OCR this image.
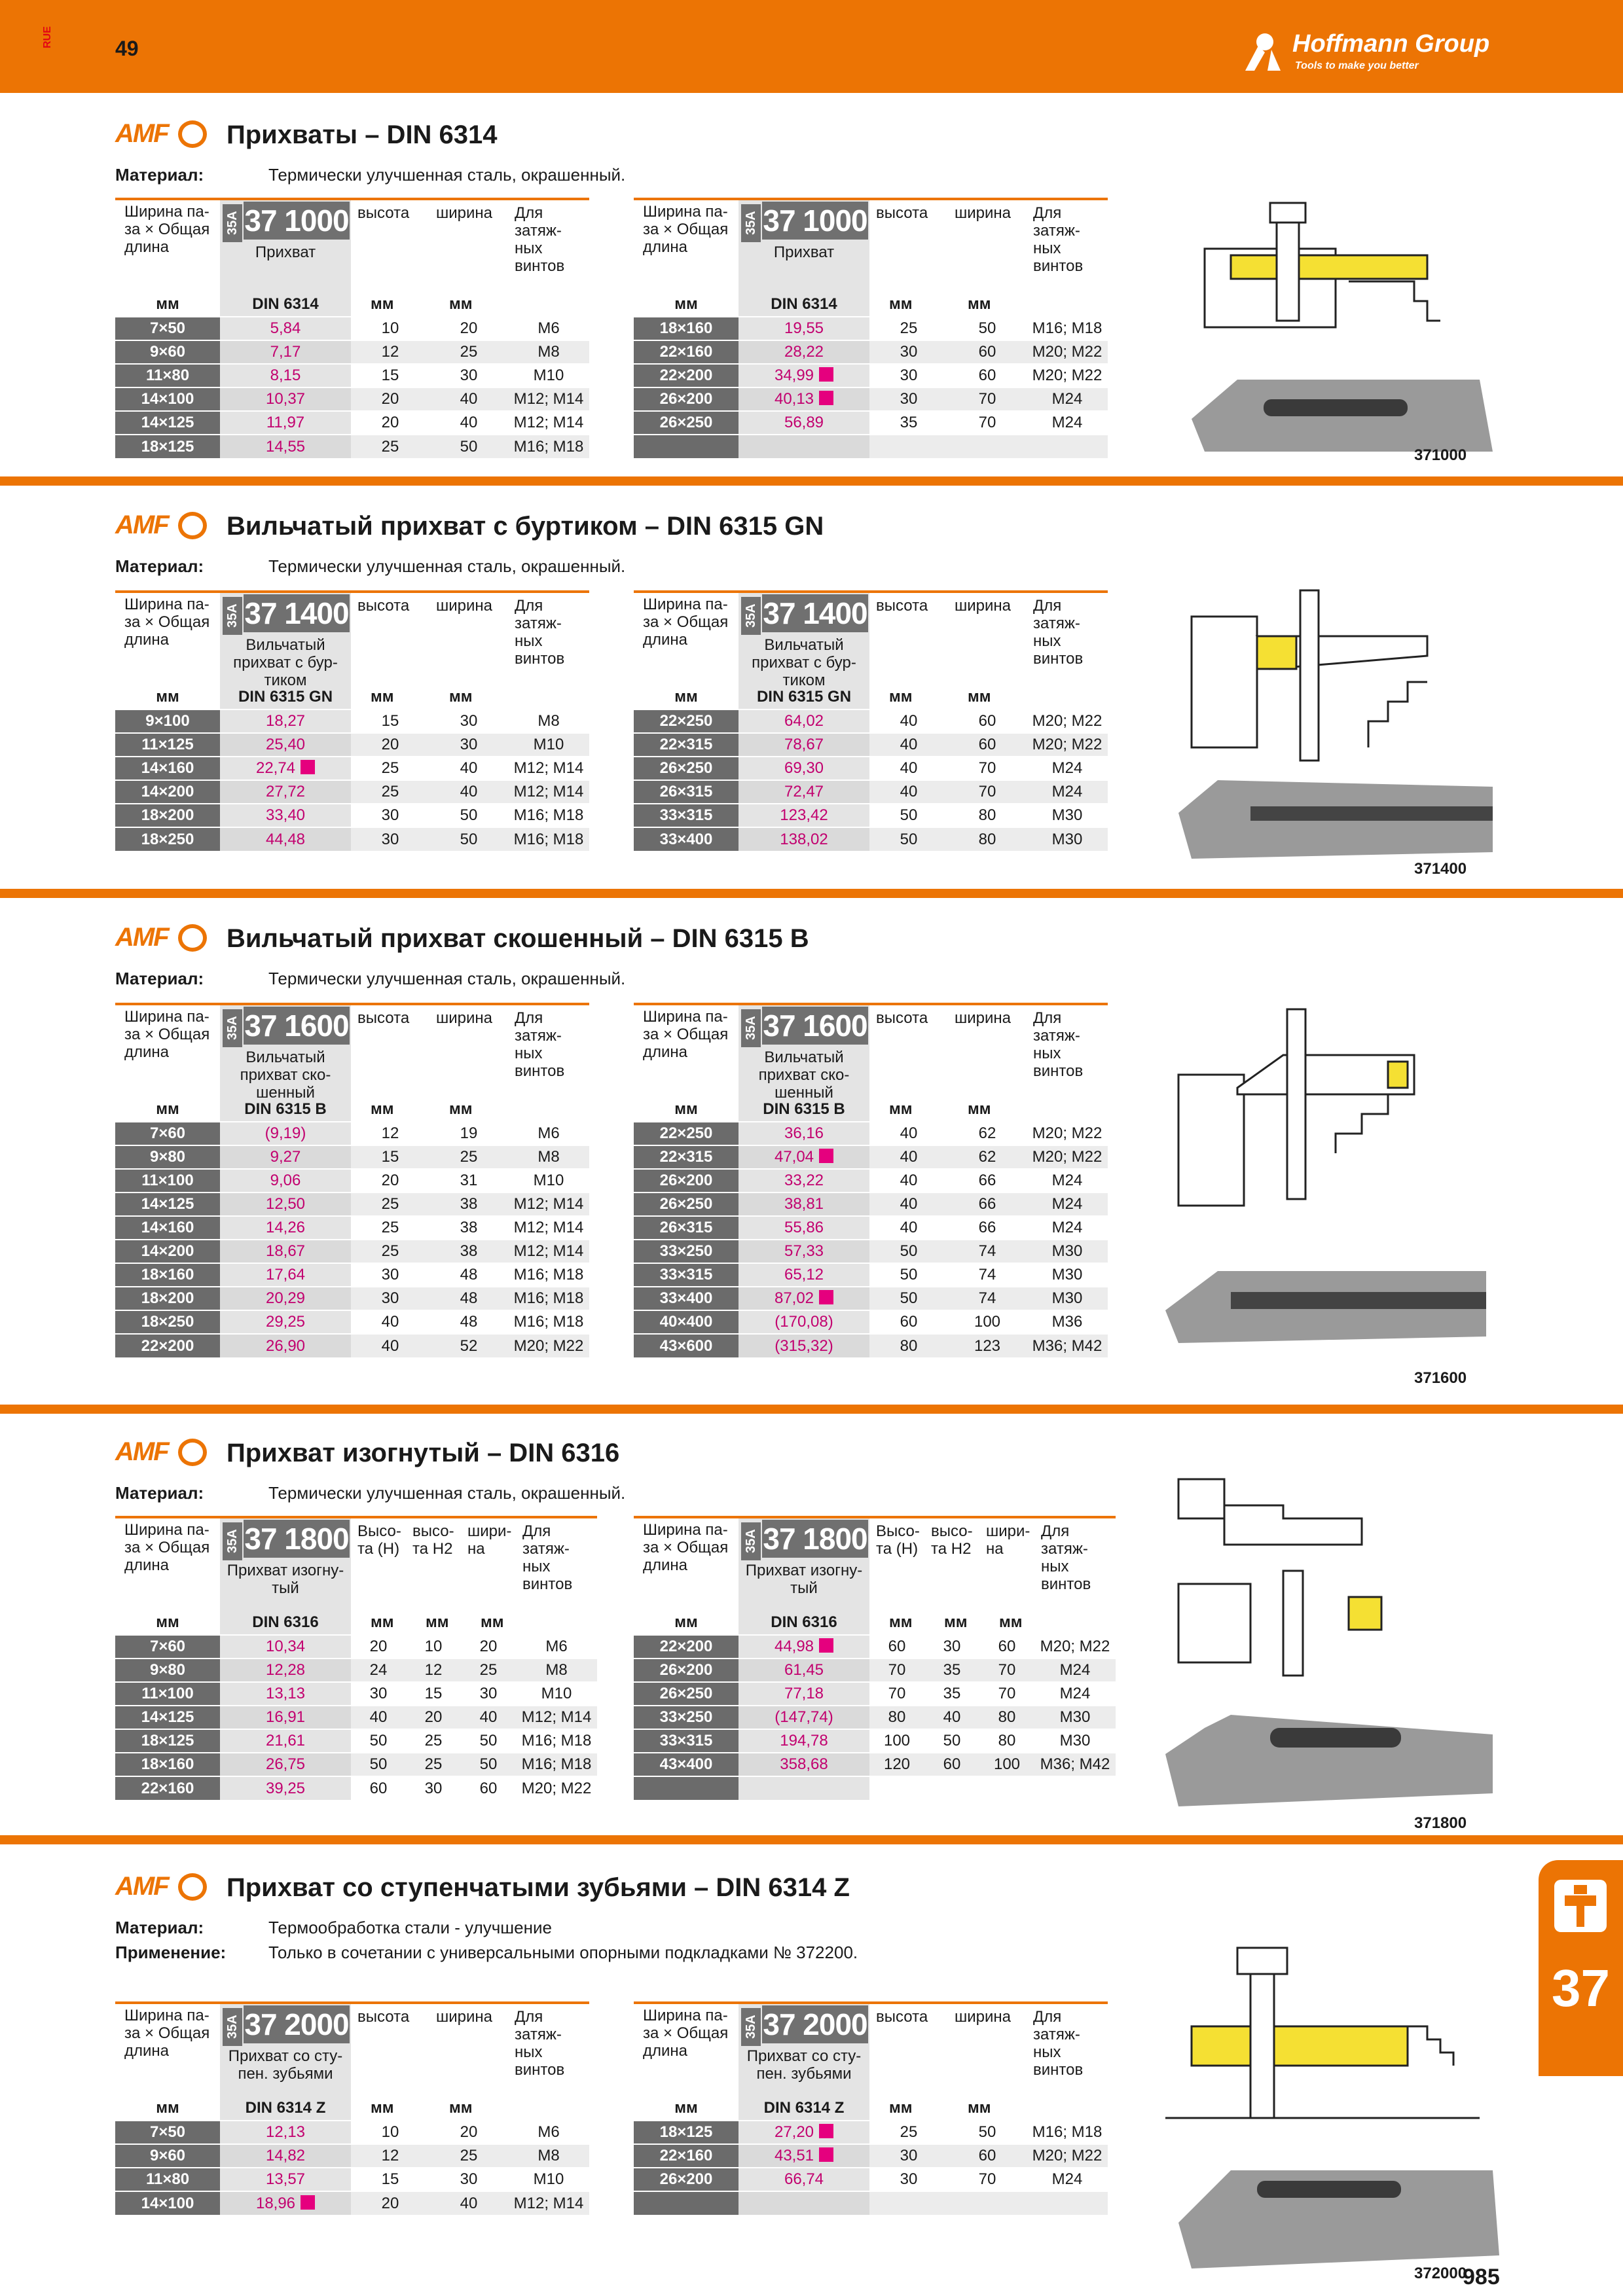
RUE	49	Hoffmann Group
Tools to make you better
AMF Прихваты – DIN 6314
Материал:	Термически улучшенная сталь, окрашенный.
Ширина па-за × Общая длина	35A 37 1000
Прихват	высота	ширина	Для затяж-ных винтов
мм	DIN 6314	мм	мм	
7×50	5,84	10	20	M6
9×60	7,17	12	25	M8
11×80	8,15	15	30	M10
14×100	10,37	20	40	M12; M14
14×125	11,97	20	40	M12; M14
18×125	14,55	25	50	M16; M18
Ширина па-за × Общая длина	35A 37 1000
Прихват	высота	ширина	Для затяж-ных винтов
мм	DIN 6314	мм	мм	
18×160	19,55	25	50	M16; M18
22×160	28,22	30	60	M20; M22
22×200	34,99	30	60	M20; M22
26×200	40,13	30	70	M24
26×250	56,89	35	70	M24

371000
AMF Вильчатый прихват с буртиком – DIN 6315 GN
Материал:	Термически улучшенная сталь, окрашенный.
Ширина па-за × Общая длина	35A 37 1400
Вильчатый прихват с бур-тиком	высота	ширина	Для затяж-ных винтов
мм	DIN 6315 GN	мм	мм	
9×100	18,27	15	30	M8
11×125	25,40	20	30	M10
14×160	22,74	25	40	M12; M14
14×200	27,72	25	40	M12; M14
18×200	33,40	30	50	M16; M18
18×250	44,48	30	50	M16; M18
Ширина па-за × Общая длина	35A 37 1400
Вильчатый прихват с бур-тиком	высота	ширина	Для затяж-ных винтов
мм	DIN 6315 GN	мм	мм	
22×250	64,02	40	60	M20; M22
22×315	78,67	40	60	M20; M22
26×250	69,30	40	70	M24
26×315	72,47	40	70	M24
33×315	123,42	50	80	M30
33×400	138,02	50	80	M30
371400
AMF Вильчатый прихват скошенный – DIN 6315 B
Материал:	Термически улучшенная сталь, окрашенный.
Ширина па-за × Общая длина	35A 37 1600
Вильчатый прихват ско-шенный	высота	ширина	Для затяж-ных винтов
мм	DIN 6315 B	мм	мм	
7×60	(9,19)	12	19	M6
9×80	9,27	15	25	M8
11×100	9,06	20	31	M10
14×125	12,50	25	38	M12; M14
14×160	14,26	25	38	M12; M14
14×200	18,67	25	38	M12; M14
18×160	17,64	30	48	M16; M18
18×200	20,29	30	48	M16; M18
18×250	29,25	40	48	M16; M18
22×200	26,90	40	52	M20; M22
Ширина па-за × Общая длина	35A 37 1600
Вильчатый прихват ско-шенный	высота	ширина	Для затяж-ных винтов
мм	DIN 6315 B	мм	мм	
22×250	36,16	40	62	M20; M22
22×315	47,04	40	62	M20; M22
26×200	33,22	40	66	M24
26×250	38,81	40	66	M24
26×315	55,86	40	66	M24
33×250	57,33	50	74	M30
33×315	65,12	50	74	M30
33×400	87,02	50	74	M30
40×400	(170,08)	60	100	M36
43×600	(315,32)	80	123	M36; M42
371600
AMF Прихват изогнутый – DIN 6316
Материал:	Термически улучшенная сталь, окрашенный.
Ширина па-за × Общая длина	35A 37 1800
Прихват изогну-тый	Высо-та (H)	высо-та H2	шири-на	Для затяж-ных винтов
мм	DIN 6316	мм	мм	мм	
7×60	10,34	20	10	20	M6
9×80	12,28	24	12	25	M8
11×100	13,13	30	15	30	M10
14×125	16,91	40	20	40	M12; M14
18×125	21,61	50	25	50	M16; M18
18×160	26,75	50	25	50	M16; M18
22×160	39,25	60	30	60	M20; M22
Ширина па-за × Общая длина	35A 37 1800
Прихват изогну-тый	Высо-та (H)	высо-та H2	шири-на	Для затяж-ных винтов
мм	DIN 6316	мм	мм	мм	
22×200	44,98	60	30	60	M20; M22
26×200	61,45	70	35	70	M24
26×250	77,18	70	35	70	M24
33×250	(147,74)	80	40	80	M30
33×315	194,78	100	50	80	M30
43×400	358,68	120	60	100	M36; M42

371800
AMF Прихват со ступенчатыми зубьями – DIN 6314 Z
Материал:	Термообработка стали - улучшение
Применение: Только в сочетании с универсальными опорными подкладками № 372200.
Ширина па-за × Общая длина	35A 37 2000
Прихват со сту-пен. зубьями	высота	ширина	Для затяж-ных винтов
мм	DIN 6314 Z	мм	мм	
7×50	12,13	10	20	M6
9×60	14,82	12	25	M8
11×80	13,57	15	30	M10
14×100	18,96	20	40	M12; M14
Ширина па-за × Общая длина	35A 37 2000
Прихват со сту-пен. зубьями	высота	ширина	Для затяж-ных винтов
мм	DIN 6314 Z	мм	мм	
18×125	27,20	25	50	M16; M18
22×160	43,51	30	60	M20; M22
26×200	66,74	30	70	M24

372000
37
985
